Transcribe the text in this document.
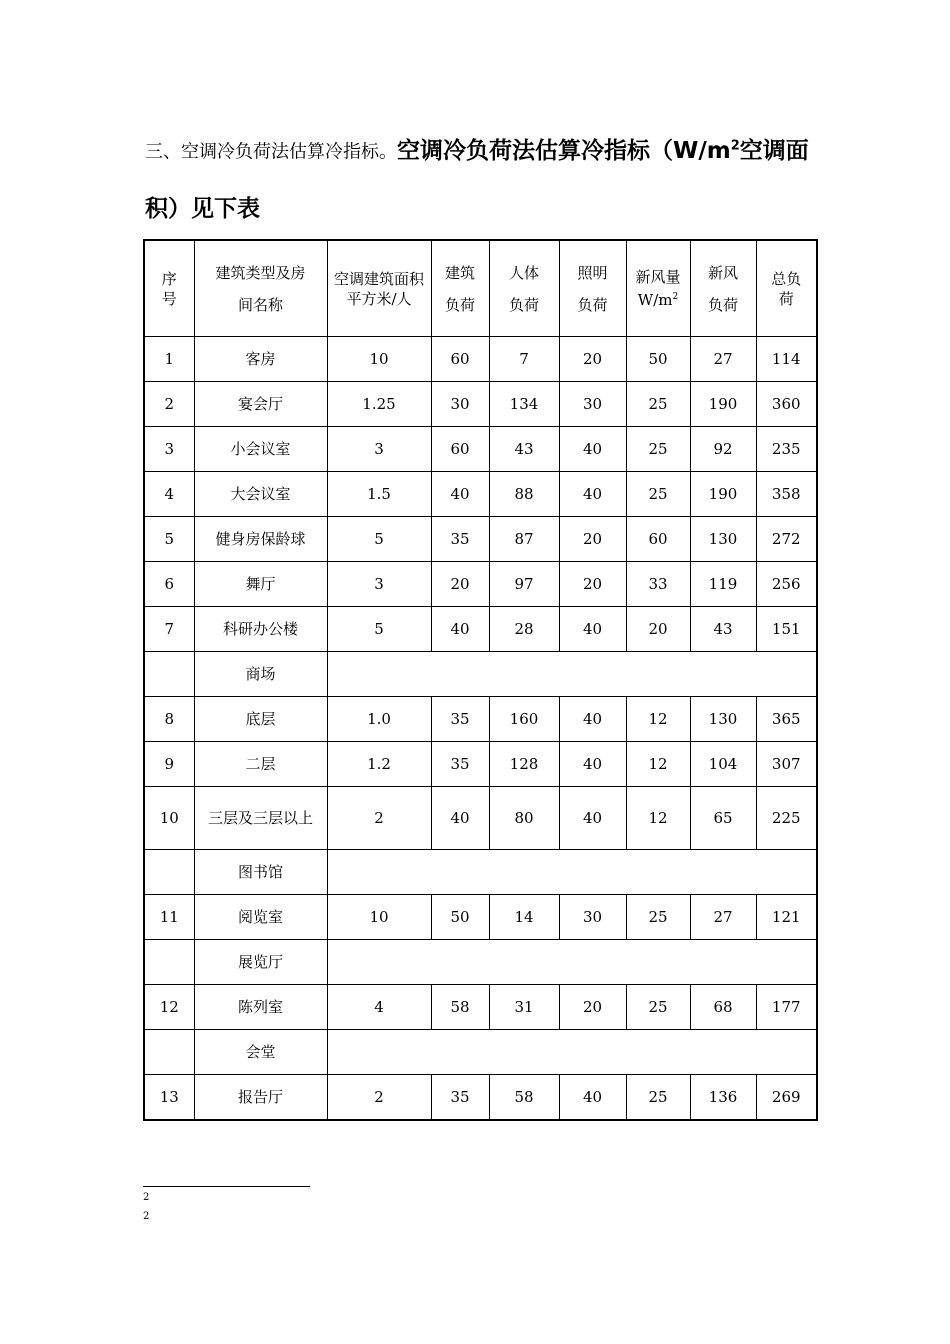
三、空调冷负荷法估算冷指标。空调冷负荷法估算冷指标（$W/m^2$空调面积）见下表

序号	建筑类型及房间名称	空调建筑面积平方米/人	建筑负荷	人体负荷	照明负荷	新风量$W/m^2$	新风负荷	总负荷

1	客房	10	60	7	20	50	27	114
2	宴会厅	1.25	30	134	30	25	190	360
3	小会议室	3	60	43	40	25	92	235
4	大会议室	1.5	40	88	40	25	190	358
5	健身房保龄球	5	35	87	20	60	130	272
6	舞厅	3	20	97	20	33	119	256
7	科研办公楼	5	40	28	40	20	43	151
	商场							
8	底层	1.0	35	160	40	12	130	365
9	二层	1.2	35	128	40	12	104	307
10	三层及三层以上	2	40	80	40	12	65	225
	图书馆							
11	阅览室	10	50	14	30	25	27	121
	展览厅							
12	陈列室	4	58	31	20	25	68	177
	会堂							
13	报告厅	2	35	58	40	25	136	269
2
2
